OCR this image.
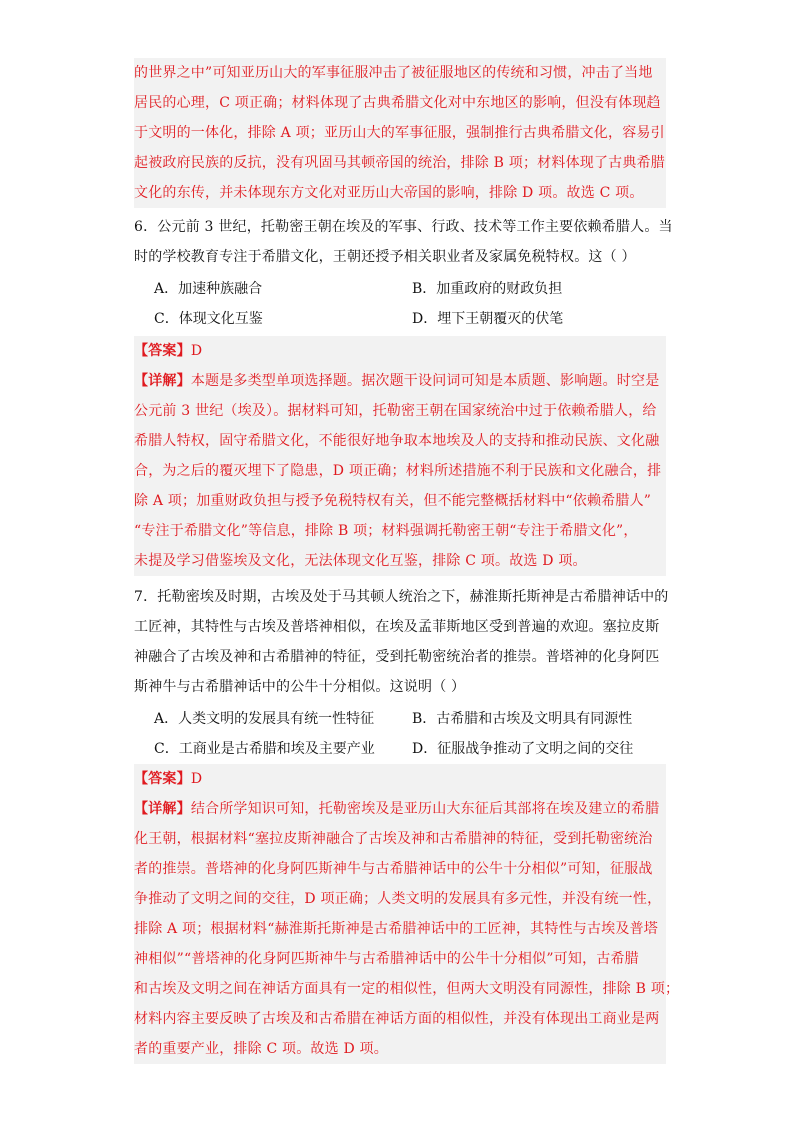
的世界之中”可知亚历山大的军事征服冲击了被征服地区的传统和习惯，冲击了当地
居民的心理，C 项正确；材料体现了古典希腊文化对中东地区的影响，但没有体现趋
于文明的一体化，排除 A 项；亚历山大的军事征服，强制推行古典希腊文化，容易引
起被政府民族的反抗，没有巩固马其顿帝国的统治，排除 B 项；材料体现了古典希腊
文化的东传，并未体现东方文化对亚历山大帝国的影响，排除 D 项。故选 C 项。
6．公元前 3 世纪，托勒密王朝在埃及的军事、行政、技术等工作主要依赖希腊人。当
时的学校教育专注于希腊文化，王朝还授予相关职业者及家属免税特权。这（ ）
A．加速种族融合	B．加重政府的财政负担
C．体现文化互鉴	D．埋下王朝覆灭的伏笔
【答案】D
【详解】本题是多类型单项选择题。据次题干设问词可知是本质题、影响题。时空是
公元前 3 世纪（埃及）。据材料可知，托勒密王朝在国家统治中过于依赖希腊人，给
希腊人特权，固守希腊文化，不能很好地争取本地埃及人的支持和推动民族、文化融
合，为之后的覆灭埋下了隐患，D 项正确；材料所述措施不利于民族和文化融合，排
除 A 项；加重财政负担与授予免税特权有关，但不能完整概括材料中“依赖希腊人”
“专注于希腊文化”等信息，排除 B 项；材料强调托勒密王朝“专注于希腊文化”，
未提及学习借鉴埃及文化，无法体现文化互鉴，排除 C 项。故选 D 项。
7．托勒密埃及时期，古埃及处于马其顿人统治之下，赫淮斯托斯神是古希腊神话中的
工匠神，其特性与古埃及普塔神相似，在埃及孟菲斯地区受到普遍的欢迎。塞拉皮斯
神融合了古埃及神和古希腊神的特征，受到托勒密统治者的推崇。普塔神的化身阿匹
斯神牛与古希腊神话中的公牛十分相似。这说明（ ）
A．人类文明的发展具有统一性特征	B．古希腊和古埃及文明具有同源性
C．工商业是古希腊和埃及主要产业	D．征服战争推动了文明之间的交往
【答案】D
【详解】结合所学知识可知，托勒密埃及是亚历山大东征后其部将在埃及建立的希腊
化王朝，根据材料“塞拉皮斯神融合了古埃及神和古希腊神的特征，受到托勒密统治
者的推崇。普塔神的化身阿匹斯神牛与古希腊神话中的公牛十分相似”可知，征服战
争推动了文明之间的交往，D 项正确；人类文明的发展具有多元性，并没有统一性，
排除 A 项；根据材料“赫淮斯托斯神是古希腊神话中的工匠神，其特性与古埃及普塔
神相似”“普塔神的化身阿匹斯神牛与古希腊神话中的公牛十分相似”可知，古希腊
和古埃及文明之间在神话方面具有一定的相似性，但两大文明没有同源性，排除 B 项；
材料内容主要反映了古埃及和古希腊在神话方面的相似性，并没有体现出工商业是两
者的重要产业，排除 C 项。故选 D 项。
